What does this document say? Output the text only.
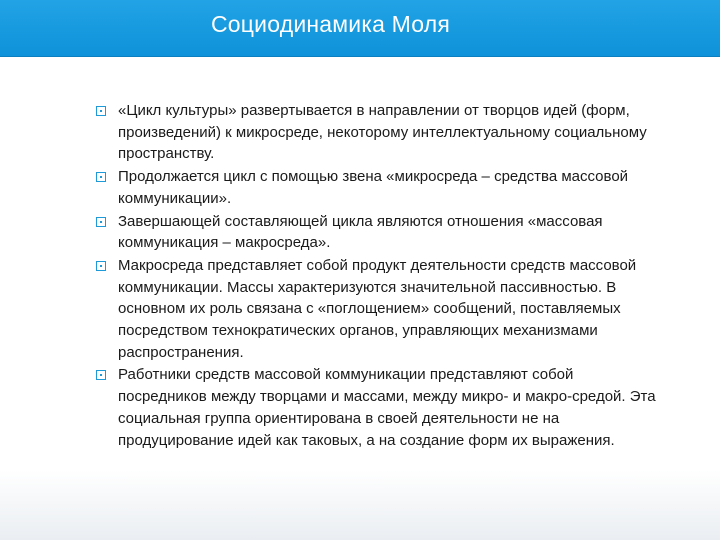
Социодинамика Моля
«Цикл культуры» развертывается в направлении от творцов идей (форм, произведений) к микросреде, некоторому интеллектуальному социальному пространству.
Продолжается цикл с помощью звена «микросреда – средства массовой коммуникации».
Завершающей составляющей цикла являются отношения «массовая коммуникация – макросреда».
Макросреда представляет собой продукт деятельности средств массовой коммуникации. Массы характеризуются значительной пассивностью. В основном их роль связана с «поглощением» сообщений, поставляемых посредством технократических органов, управляющих механизмами распространения.
Работники средств массовой коммуникации представляют собой посредников между творцами и массами, между микро- и макро-средой. Эта социальная группа ориентирована в своей деятельности не на продуцирование идей как таковых, а на создание форм их выражения.
